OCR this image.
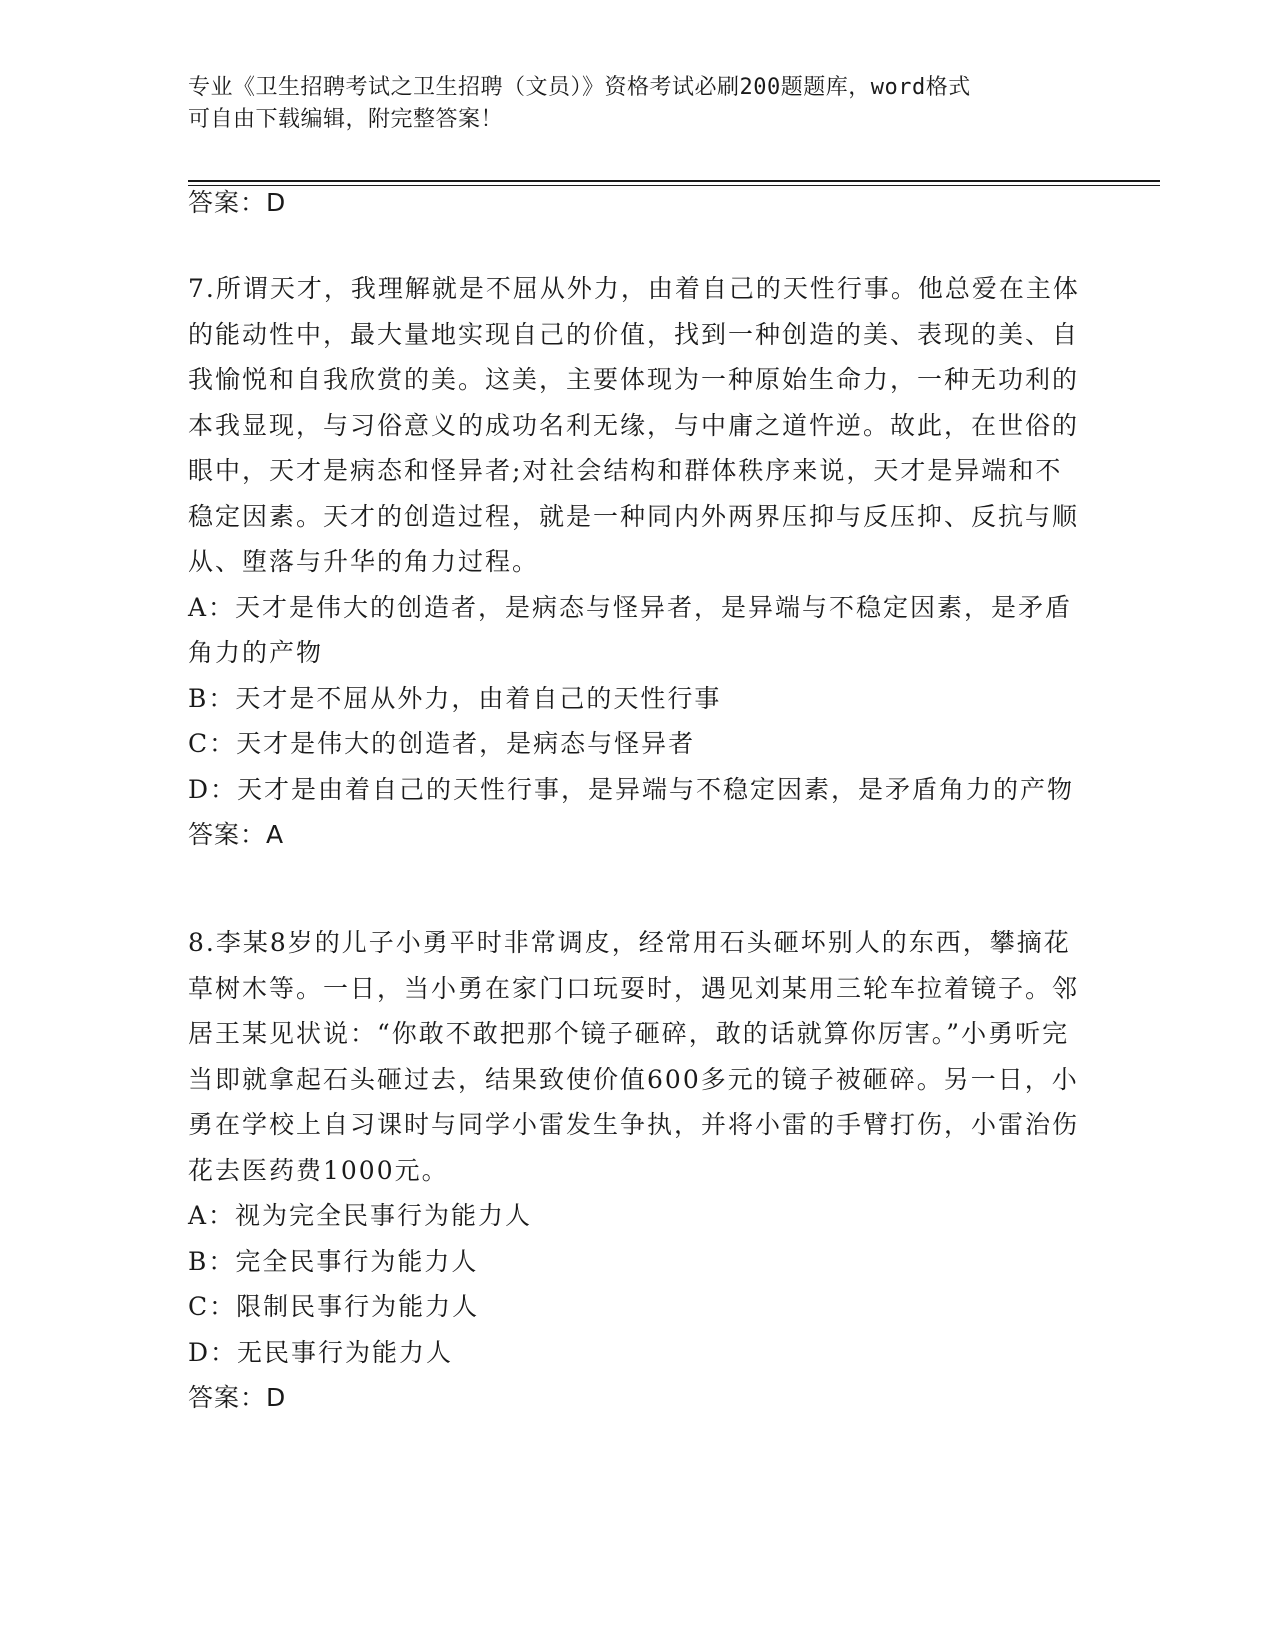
专业《卫生招聘考试之卫生招聘（文员）》资格考试必刷200题题库，word格式
可自由下载编辑，附完整答案！
答案：D

7.所谓天才，我理解就是不屈从外力，由着自己的天性行事。他总爱在主体的能动性中，最大量地实现自己的价值，找到一种创造的美、表现的美、自我愉悦和自我欣赏的美。这美，主要体现为一种原始生命力，一种无功利的本我显现，与习俗意义的成功名利无缘，与中庸之道忤逆。故此，在世俗的眼中，天才是病态和怪异者;对社会结构和群体秩序来说，天才是异端和不稳定因素。天才的创造过程，就是一种同内外两界压抑与反压抑、反抗与顺从、堕落与升华的角力过程。

A：天才是伟大的创造者，是病态与怪异者，是异端与不稳定因素，是矛盾角力的产物

B：天才是不屈从外力，由着自己的天性行事

C：天才是伟大的创造者，是病态与怪异者

D：天才是由着自己的天性行事，是异端与不稳定因素，是矛盾角力的产物

答案：A

8.李某8岁的儿子小勇平时非常调皮，经常用石头砸坏别人的东西，攀摘花草树木等。一日，当小勇在家门口玩耍时，遇见刘某用三轮车拉着镜子。邻居王某见状说：“你敢不敢把那个镜子砸碎，敢的话就算你厉害。”小勇听完当即就拿起石头砸过去，结果致使价值600多元的镜子被砸碎。另一日，小勇在学校上自习课时与同学小雷发生争执，并将小雷的手臂打伤，小雷治伤花去医药费1000元。

A：视为完全民事行为能力人

B：完全民事行为能力人

C：限制民事行为能力人

D：无民事行为能力人

答案：D
